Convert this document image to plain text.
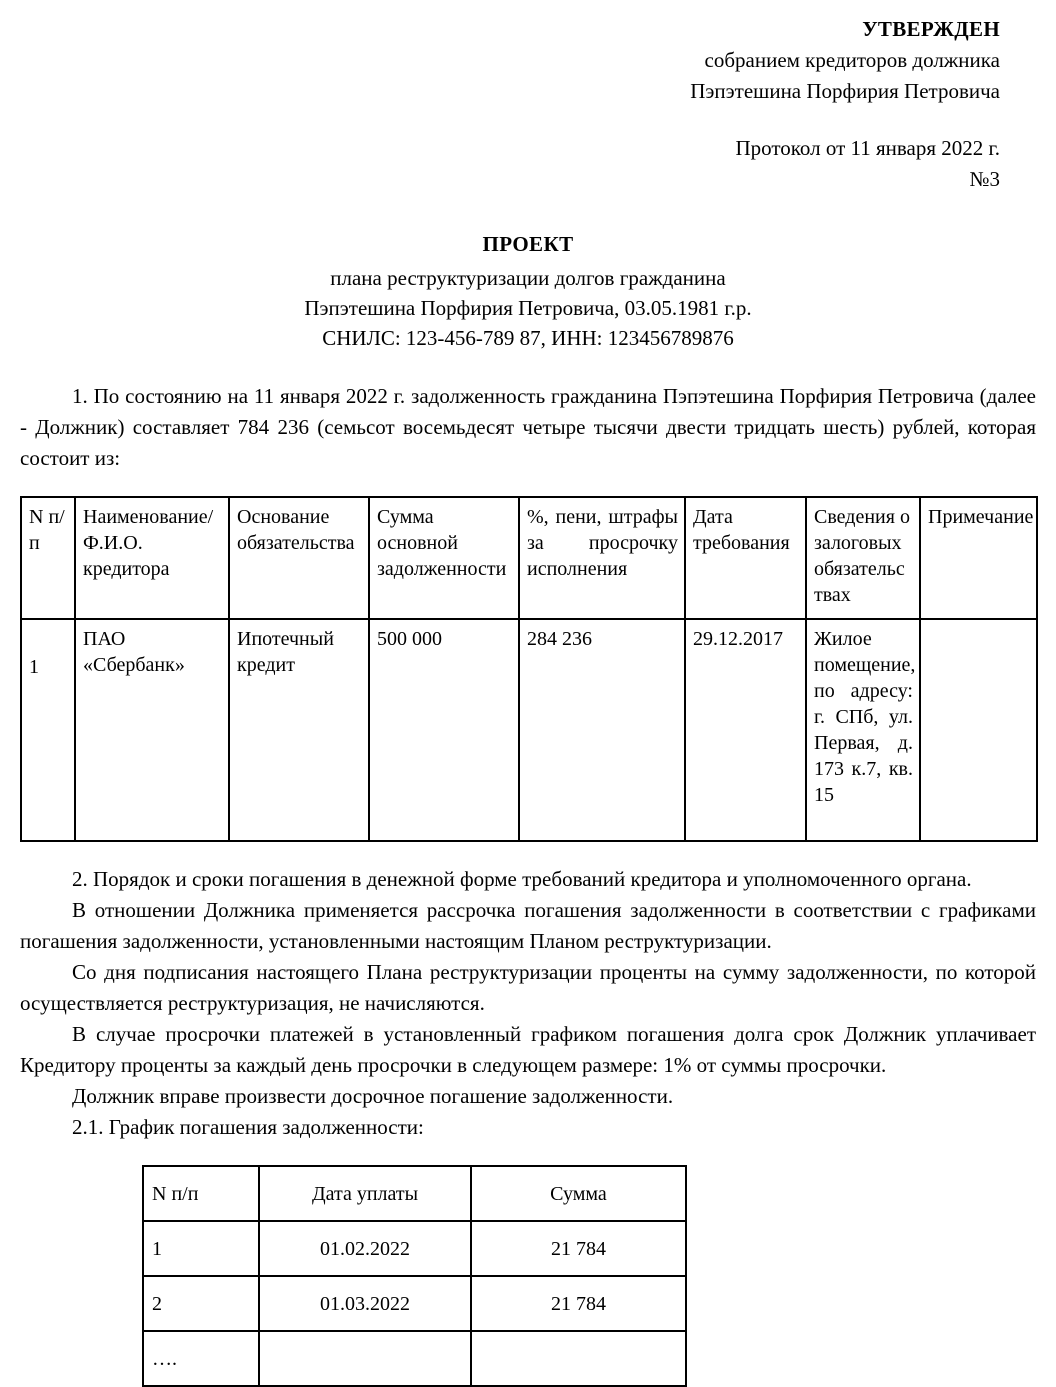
УТВЕРЖДЕН
собранием кредиторов должника
Пэпэтешина Порфирия Петровича
Протокол от 11 января 2022 г.
№3
ПРОЕКТ
плана реструктуризации долгов гражданина
Пэпэтешина Порфирия Петровича, 03.05.1981 г.р.
СНИЛС: 123-456-789 87, ИНН: 123456789876

1. По состоянию на 11 января 2022 г. задолженность гражданина Пэпэтешина Порфирия Петровича (далее - Должник) составляет 784 236 (семьсот восемьдесят четыре тысячи двести тридцать шесть) рублей, которая состоит из:

N п/п	Наименование/ Ф.И.О. кредитора	Основание обязательства	Сумма основной задолженности	%, пени, штрафы за просрочку исполнения	Дата требования	Сведения о залоговых обязательс твах	Примечание
1	ПАО «Сбербанк»	Ипотечный кредит	500 000	284 236	29.12.2017	Жилое помещение, по адресу: г. СПб, ул. Первая, д. 173 к.7, кв. 15	

2. Порядок и сроки погашения в денежной форме требований кредитора и уполномоченного органа.

В отношении Должника применяется рассрочка погашения задолженности в соответствии с графиками погашения задолженности, установленными настоящим Планом реструктуризации.

Со дня подписания настоящего Плана реструктуризации проценты на сумму задолженности, по которой осуществляется реструктуризация, не начисляются.

В случае просрочки платежей в установленный графиком погашения долга срок Должник уплачивает Кредитору проценты за каждый день просрочки в следующем размере: 1% от суммы просрочки.

Должник вправе произвести досрочное погашение задолженности.

2.1. График погашения задолженности:

N п/п	Дата уплаты	Сумма
1	01.02.2022	21 784
2	01.03.2022	21 784
….		
